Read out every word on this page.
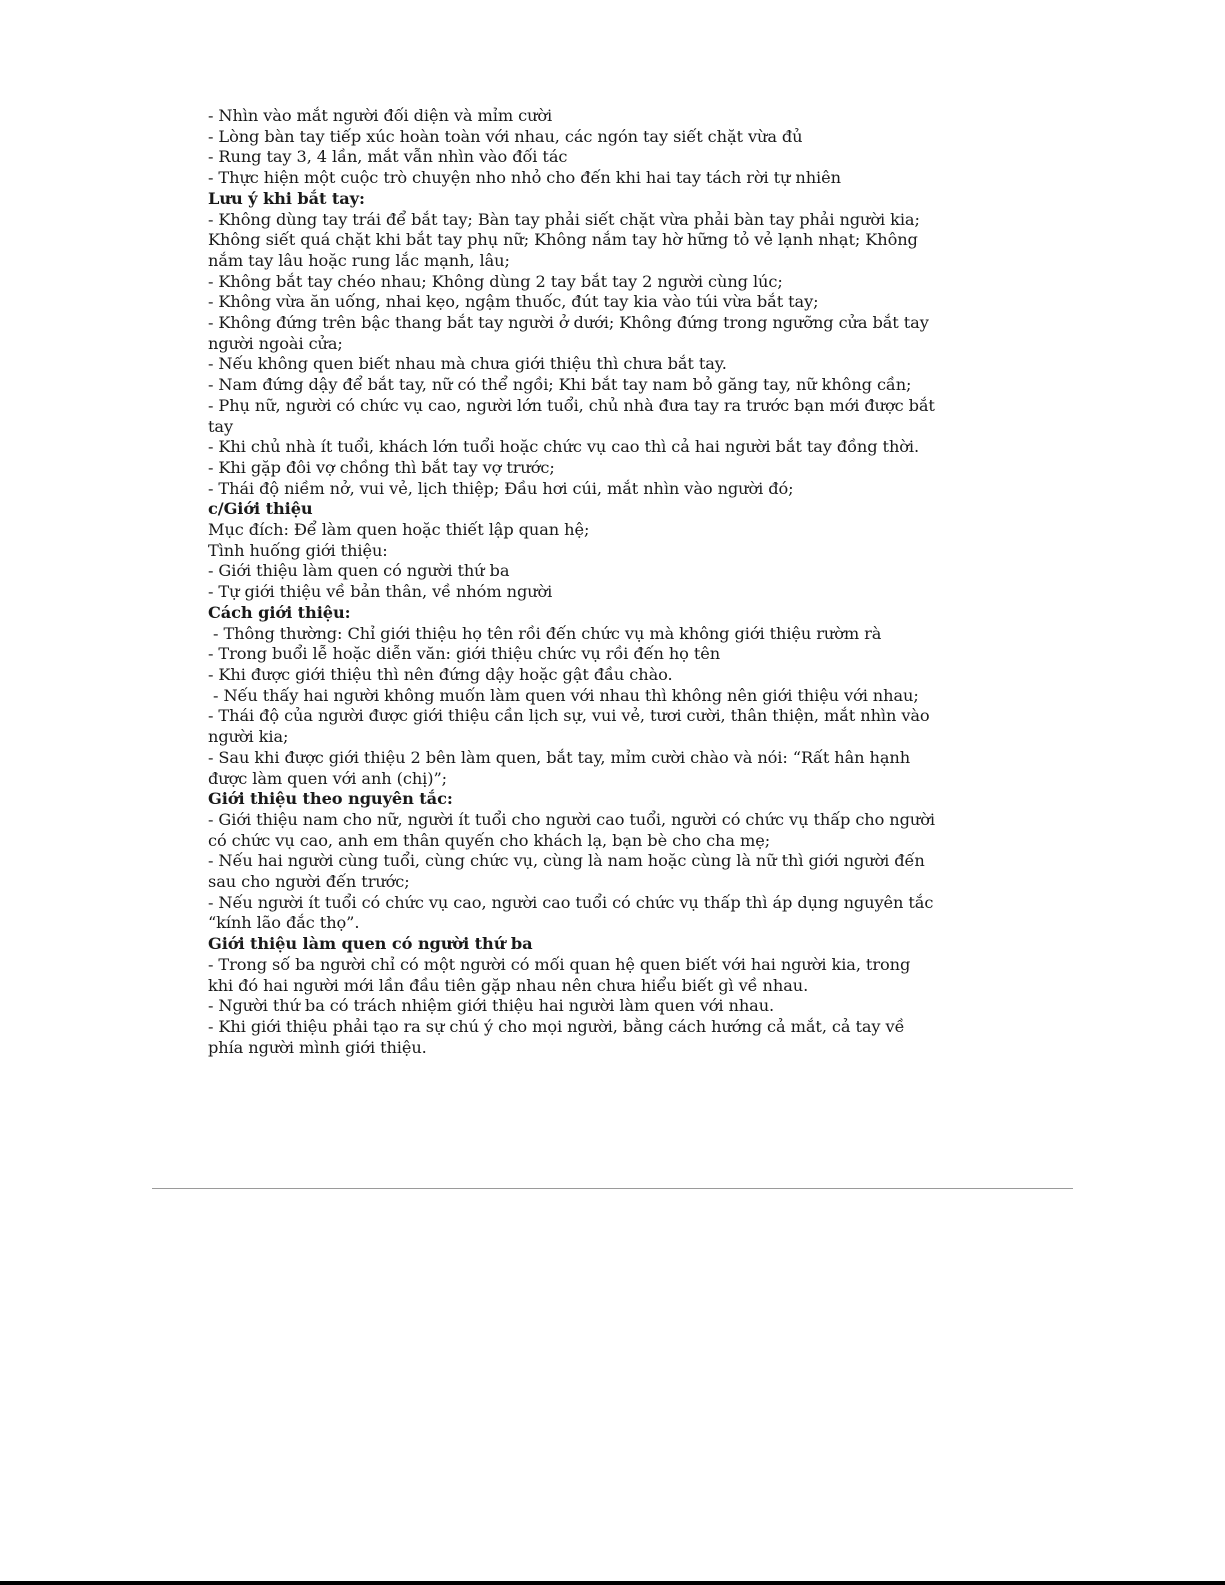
- Nhìn vào mắt người đối diện và mỉm cười
- Lòng bàn tay tiếp xúc hoàn toàn với nhau, các ngón tay siết chặt vừa đủ
- Rung tay 3, 4 lần, mắt vẫn nhìn vào đối tác
- Thực hiện một cuộc trò chuyện nho nhỏ cho đến khi hai tay tách rời tự nhiên
Lưu ý khi bắt tay:
- Không dùng tay trái để bắt tay; Bàn tay phải siết chặt vừa phải bàn tay phải người kia;
Không siết quá chặt khi bắt tay phụ nữ; Không nắm tay hờ hững tỏ vẻ lạnh nhạt; Không
nắm tay lâu hoặc rung lắc mạnh, lâu;
- Không bắt tay chéo nhau; Không dùng 2 tay bắt tay 2 người cùng lúc;
- Không vừa ăn uống, nhai kẹo, ngậm thuốc, đút tay kia vào túi vừa bắt tay;
- Không đứng trên bậc thang bắt tay người ở dưới; Không đứng trong ngưỡng cửa bắt tay
người ngoài cửa;
- Nếu không quen biết nhau mà chưa giới thiệu thì chưa bắt tay.
- Nam đứng dậy để bắt tay, nữ có thể ngồi; Khi bắt tay nam bỏ găng tay, nữ không cần;
- Phụ nữ, người có chức vụ cao, người lớn tuổi, chủ nhà đưa tay ra trước bạn mới được bắt
tay
- Khi chủ nhà ít tuổi, khách lớn tuổi hoặc chức vụ cao thì cả hai người bắt tay đồng thời.
- Khi gặp đôi vợ chồng thì bắt tay vợ trước;
- Thái độ niềm nở, vui vẻ, lịch thiệp; Đầu hơi cúi, mắt nhìn vào người đó;
c/Giới thiệu
Mục đích: Để làm quen hoặc thiết lập quan hệ;
Tình huống giới thiệu:
- Giới thiệu làm quen có người thứ ba
- Tự giới thiệu về bản thân, về nhóm người
Cách giới thiệu:
- Thông thường: Chỉ giới thiệu họ tên rồi đến chức vụ mà không giới thiệu rườm rà
- Trong buổi lễ hoặc diễn văn: giới thiệu chức vụ rồi đến họ tên
- Khi được giới thiệu thì nên đứng dậy hoặc gật đầu chào.
- Nếu thấy hai người không muốn làm quen với nhau thì không nên giới thiệu với nhau;
- Thái độ của người được giới thiệu cần lịch sự, vui vẻ, tươi cười, thân thiện, mắt nhìn vào
người kia;
- Sau khi được giới thiệu 2 bên làm quen, bắt tay, mỉm cười chào và nói: “Rất hân hạnh
được làm quen với anh (chị)”;
Giới thiệu theo nguyên tắc:
- Giới thiệu nam cho nữ, người ít tuổi cho người cao tuổi, người có chức vụ thấp cho người
có chức vụ cao, anh em thân quyến cho khách lạ, bạn bè cho cha mẹ;
- Nếu hai người cùng tuổi, cùng chức vụ, cùng là nam hoặc cùng là nữ thì giới người đến
sau cho người đến trước;
- Nếu người ít tuổi có chức vụ cao, người cao tuổi có chức vụ thấp thì áp dụng nguyên tắc
“kính lão đắc thọ”.
Giới thiệu làm quen có người thứ ba
- Trong số ba người chỉ có một người có mối quan hệ quen biết với hai người kia, trong
khi đó hai người mới lần đầu tiên gặp nhau nên chưa hiểu biết gì về nhau.
- Người thứ ba có trách nhiệm giới thiệu hai người làm quen với nhau.
- Khi giới thiệu phải tạo ra sự chú ý cho mọi người, bằng cách hướng cả mắt, cả tay về
phía người mình giới thiệu.
